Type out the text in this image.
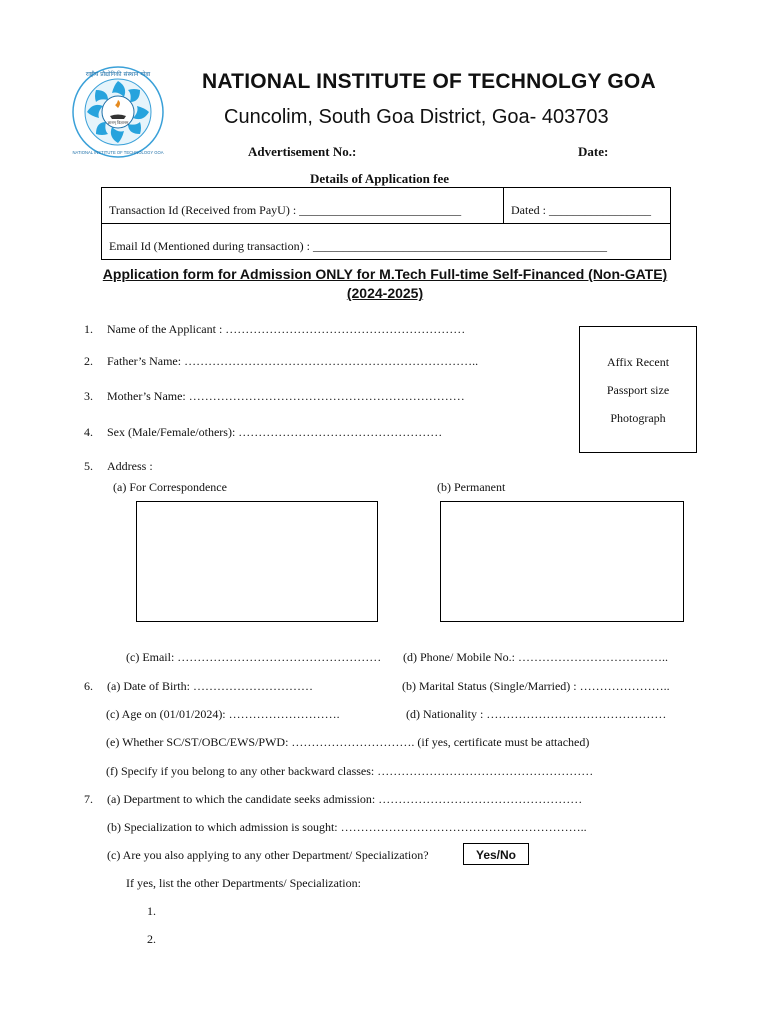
ज्ञानम् विज्ञानम्
राष्ट्रीय प्रौद्योगिकी संस्थान गोवा
NATIONAL INSTITUTE OF TECHNOLOGY GOA
NATIONAL INSTITUTE OF TECHNOLGY GOA
Cuncolim, South Goa District, Goa- 403703
Advertisement No.:	Date:
Details of Application fee
Transaction Id (Received from PayU) : ___________________________	Dated : _________________
Email Id (Mentioned during transaction) : _________________________________________________
Application form for Admission ONLY for M.Tech Full-time Self-Financed (Non-GATE)
(2024-2025)
Affix Recent
Passport size
Photograph
1. Name of the Applicant : ……………………………………………………
2. Father’s Name: ………………………………………………………………..
3. Mother’s Name: ……………………………………………………………
4. Sex (Male/Female/others): ……………………………………………
5. Address :
(a) For Correspondence	(b) Permanent
(c) Email: …………………………………………… (d) Phone/ Mobile No.: ………………………………..
6. (a) Date of Birth: …………………………	(b) Marital Status (Single/Married) : …………………..
(c) Age on (01/01/2024): ……………………….	(d) Nationality : ………………………………………
(e) Whether SC/ST/OBC/EWS/PWD: …………………………. (if yes, certificate must be attached)
(f) Specify if you belong to any other backward classes: ………………………………………………
7. (a) Department to which the candidate seeks admission: ……………………………………………
(b) Specialization to which admission is sought: ……………………………………………………..
(c) Are you also applying to any other Department/ Specialization?	Yes/No
If yes, list the other Departments/ Specialization:
1.
2.
